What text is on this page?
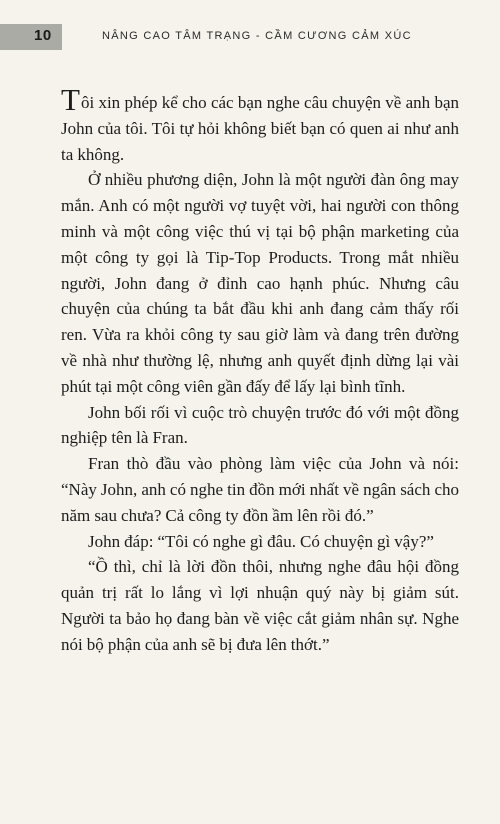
10	NÂNG CAO TÂM TRẠNG - CẦM CƯƠNG CẢM XÚC

Tôi xin phép kể cho các bạn nghe câu chuyện về anh bạn John của tôi. Tôi tự hỏi không biết bạn có quen ai như anh ta không.

Ở nhiều phương diện, John là một người đàn ông may mắn. Anh có một người vợ tuyệt vời, hai người con thông minh và một công việc thú vị tại bộ phận marketing của một công ty gọi là Tip-Top Products. Trong mắt nhiều người, John đang ở đỉnh cao hạnh phúc. Nhưng câu chuyện của chúng ta bắt đầu khi anh đang cảm thấy rối ren. Vừa ra khỏi công ty sau giờ làm và đang trên đường về nhà như thường lệ, nhưng anh quyết định dừng lại vài phút tại một công viên gần đấy để lấy lại bình tĩnh.

John bối rối vì cuộc trò chuyện trước đó với một đồng nghiệp tên là Fran.

Fran thò đầu vào phòng làm việc của John và nói: “Này John, anh có nghe tin đồn mới nhất về ngân sách cho năm sau chưa? Cả công ty đồn ầm lên rồi đó.”

John đáp: “Tôi có nghe gì đâu. Có chuyện gì vậy?”

“Ồ thì, chỉ là lời đồn thôi, nhưng nghe đâu hội đồng quản trị rất lo lắng vì lợi nhuận quý này bị giảm sút. Người ta bảo họ đang bàn về việc cắt giảm nhân sự. Nghe nói bộ phận của anh sẽ bị đưa lên thớt.”
